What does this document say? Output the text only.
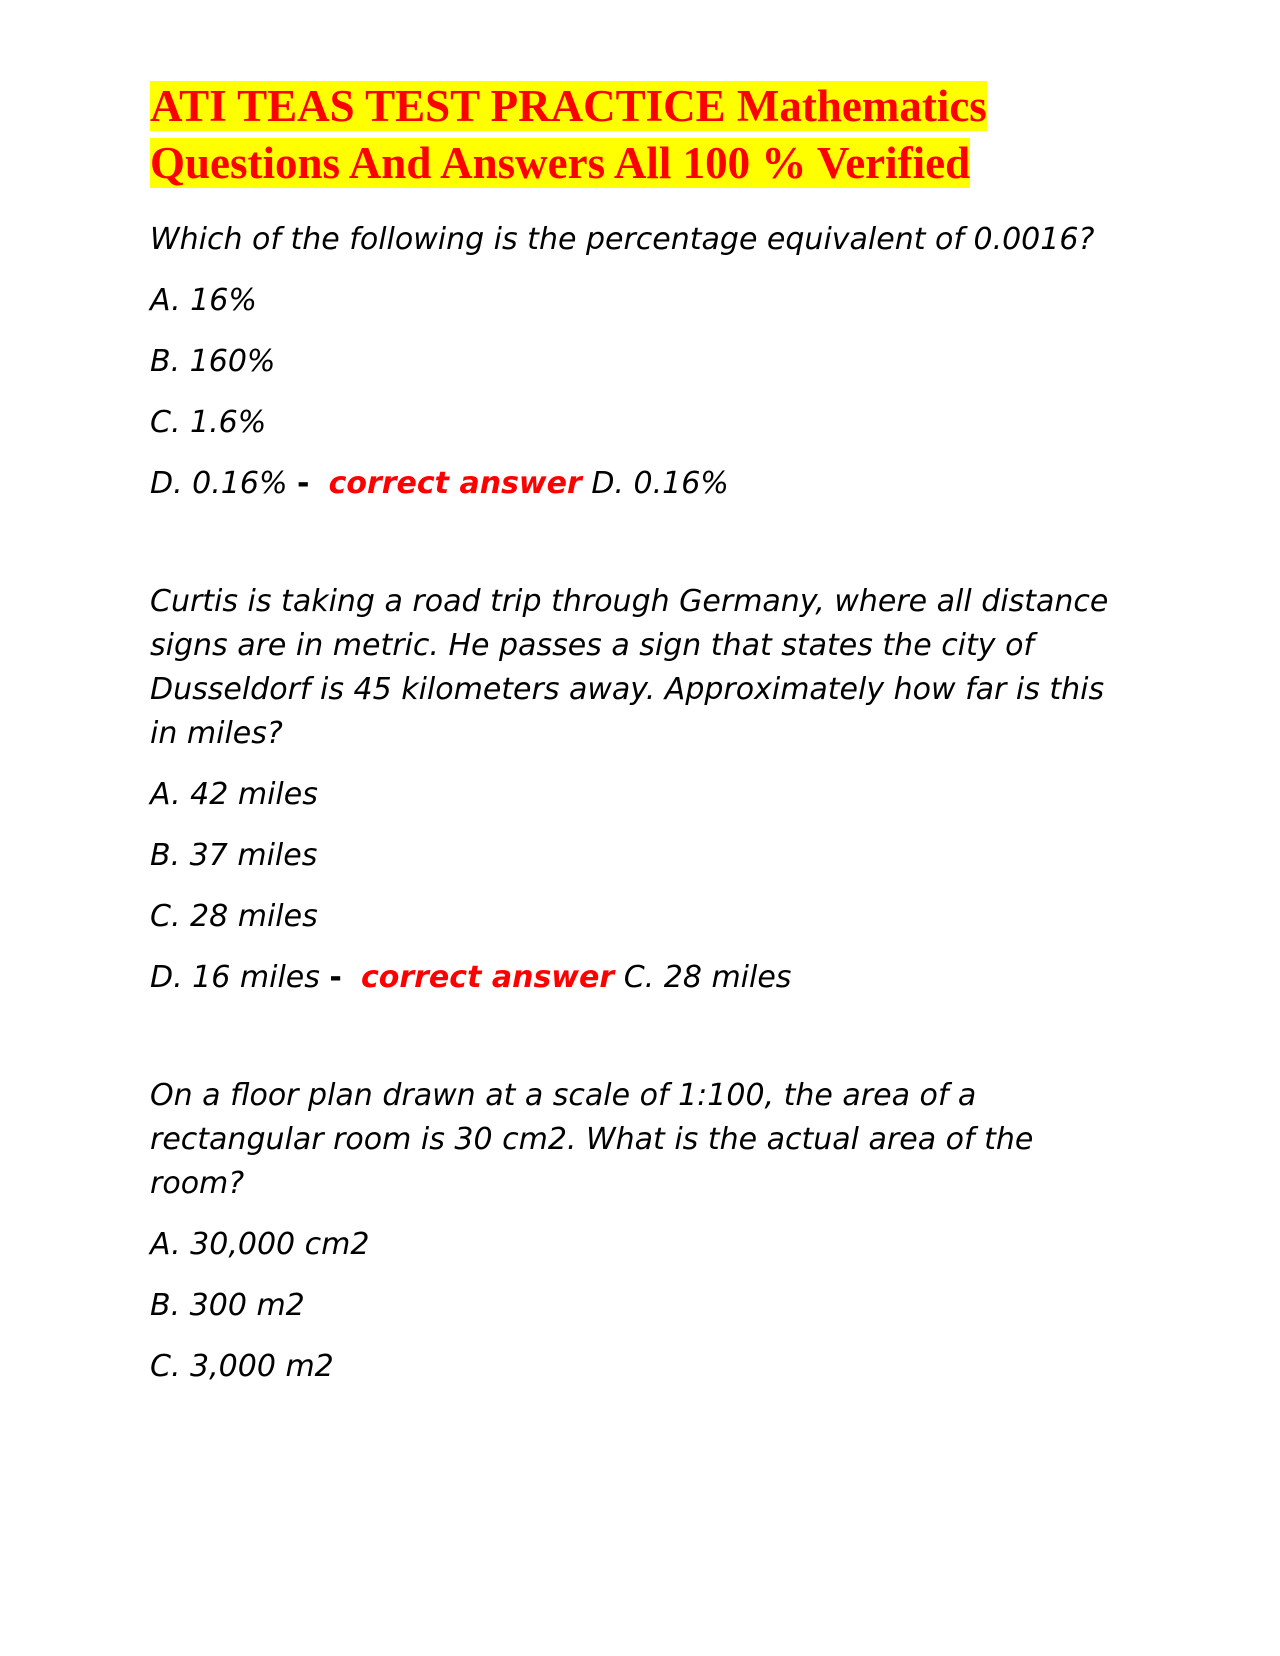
ATI TEAS TEST PRACTICE Mathematics
Questions And Answers All 100 % Verified

Which of the following is the percentage equivalent of 0.0016?

A. 16%

B. 160%

C. 1.6%

D. 0.16% - correct answer D. 0.16%

Curtis is taking a road trip through Germany, where all distance signs are in metric. He passes a sign that states the city of Dusseldorf is 45 kilometers away. Approximately how far is this in miles?

A. 42 miles

B. 37 miles

C. 28 miles

D. 16 miles - correct answer C. 28 miles

On a floor plan drawn at a scale of 1:100, the area of a rectangular room is 30 cm2. What is the actual area of the room?

A. 30,000 cm2

B. 300 m2

C. 3,000 m2
